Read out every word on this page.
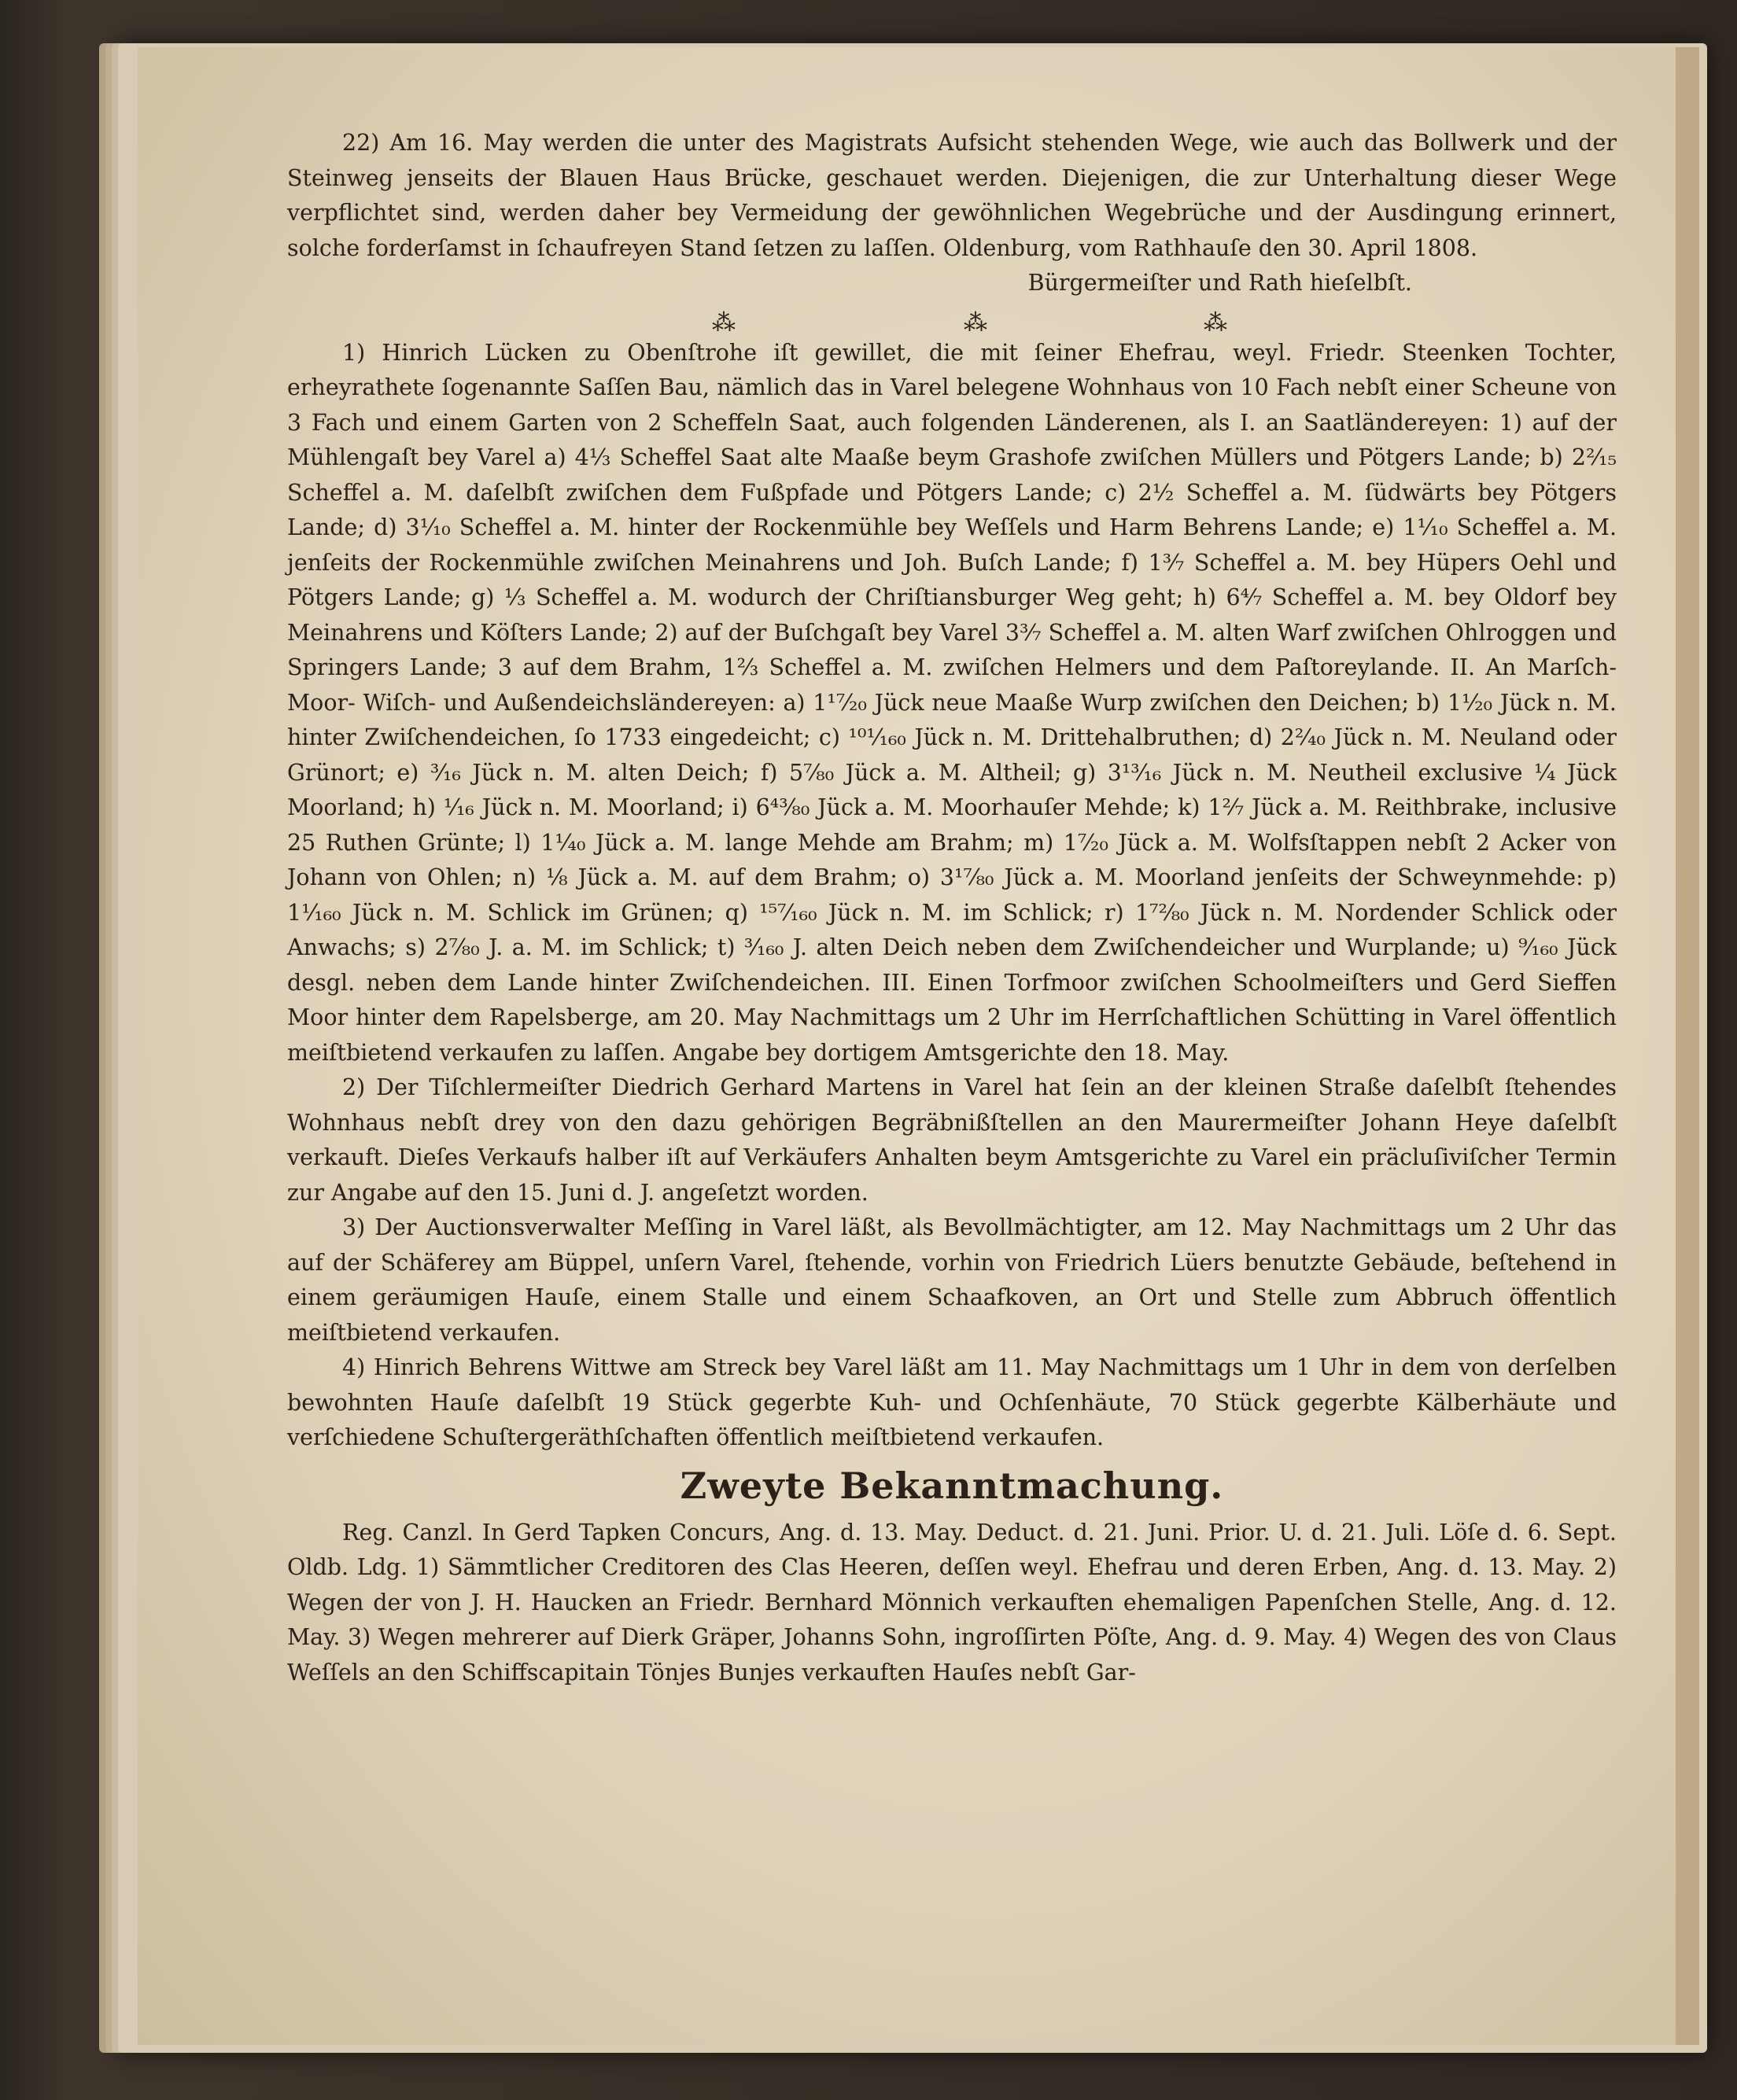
22) Am 16. May werden die unter des Magistrats Aufsicht stehenden Wege, wie auch das Bollwerk und der Steinweg jenseits der Blauen Haus Brücke, geschauet werden. Diejenigen, die zur Unterhaltung dieser Wege verpflichtet sind, werden daher bey Vermeidung der gewöhnlichen Wegebrüche und der Ausdingung erinnert, solche forderſamst in ſchaufreyen Stand ſetzen zu laſſen. Oldenburg, vom Rathhauſe den 30. April 1808.

Bürgermeiſter und Rath hieſelbſt.

⁂	⁂	⁂

1) Hinrich Lücken zu Obenſtrohe iſt gewillet, die mit ſeiner Ehefrau, weyl. Friedr. Steenken Tochter, erheyrathete ſogenannte Saſſen Bau, nämlich das in Varel belegene Wohnhaus von 10 Fach nebſt einer Scheune von 3 Fach und einem Garten von 2 Scheffeln Saat, auch folgenden Länderenen, als I. an Saatländereyen: 1) auf der Mühlengaſt bey Varel a) 4⅓ Scheffel Saat alte Maaße beym Grashofe zwiſchen Müllers und Pötgers Lande; b) 2²⁄₁₅ Scheffel a. M. daſelbſt zwiſchen dem Fußpfade und Pötgers Lande; c) 2½ Scheffel a. M. ſüdwärts bey Pötgers Lande; d) 3¹⁄₁₀ Scheffel a. M. hinter der Rockenmühle bey Weſſels und Harm Behrens Lande; e) 1¹⁄₁₀ Scheffel a. M. jenſeits der Rockenmühle zwiſchen Meinahrens und Joh. Buſch Lande; f) 1³⁄₇ Scheffel a. M. bey Hüpers Oehl und Pötgers Lande; g) ⅓ Scheffel a. M. wodurch der Chriſtiansburger Weg geht; h) 6⁴⁄₇ Scheffel a. M. bey Oldorf bey Meinahrens und Köſters Lande; 2) auf der Buſchgaſt bey Varel 3³⁄₇ Scheffel a. M. alten Warf zwiſchen Ohlroggen und Springers Lande; 3 auf dem Brahm, 1⅔ Scheffel a. M. zwiſchen Helmers und dem Paſtoreylande. II. An Marſch- Moor- Wiſch- und Außendeichsländereyen: a) 1¹⁷⁄₂₀ Jück neue Maaße Wurp zwiſchen den Deichen; b) 1¹⁄₂₀ Jück n. M. hinter Zwiſchendeichen, ſo 1733 eingedeicht; c) ¹⁰¹⁄₁₆₀ Jück n. M. Drittehalbruthen; d) 2²⁄₄₀ Jück n. M. Neuland oder Grünort; e) ³⁄₁₆ Jück n. M. alten Deich; f) 5⁷⁄₈₀ Jück a. M. Altheil; g) 3¹³⁄₁₆ Jück n. M. Neutheil exclusive ¼ Jück Moorland; h) ¹⁄₁₆ Jück n. M. Moorland; i) 6⁴³⁄₈₀ Jück a. M. Moorhauſer Mehde; k) 1²⁄₇ Jück a. M. Reithbrake, inclusive 25 Ruthen Grünte; l) 1¹⁄₄₀ Jück a. M. lange Mehde am Brahm; m) 1⁷⁄₂₀ Jück a. M. Wolfsſtappen nebſt 2 Acker von Johann von Ohlen; n) ⅛ Jück a. M. auf dem Brahm; o) 3¹⁷⁄₈₀ Jück a. M. Moorland jenſeits der Schweynmehde: p) 1¹⁄₁₆₀ Jück n. M. Schlick im Grünen; q) ¹⁵⁷⁄₁₆₀ Jück n. M. im Schlick; r) 1⁷²⁄₈₀ Jück n. M. Nordender Schlick oder Anwachs; s) 2⁷⁄₈₀ J. a. M. im Schlick; t) ³⁄₁₆₀ J. alten Deich neben dem Zwiſchendeicher und Wurplande; u) ⁹⁄₁₆₀ Jück desgl. neben dem Lande hinter Zwiſchendeichen. III. Einen Torfmoor zwiſchen Schoolmeiſters und Gerd Sieffen Moor hinter dem Rapelsberge, am 20. May Nachmittags um 2 Uhr im Herrſchaftlichen Schütting in Varel öffentlich meiſtbietend verkaufen zu laſſen. Angabe bey dortigem Amtsgerichte den 18. May.

2) Der Tiſchlermeiſter Diedrich Gerhard Martens in Varel hat ſein an der kleinen Straße daſelbſt ſtehendes Wohnhaus nebſt drey von den dazu gehörigen Begräbnißſtellen an den Maurermeiſter Johann Heye daſelbſt verkauft. Dieſes Verkaufs halber iſt auf Verkäufers Anhalten beym Amtsgerichte zu Varel ein präcluſiviſcher Termin zur Angabe auf den 15. Juni d. J. angeſetzt worden.

3) Der Auctionsverwalter Meſſing in Varel läßt, als Bevollmächtigter, am 12. May Nachmittags um 2 Uhr das auf der Schäferey am Büppel, unſern Varel, ſtehende, vorhin von Friedrich Lüers benutzte Gebäude, beſtehend in einem geräumigen Hauſe, einem Stalle und einem Schaafkoven, an Ort und Stelle zum Abbruch öffentlich meiſtbietend verkaufen.

4) Hinrich Behrens Wittwe am Streck bey Varel läßt am 11. May Nachmittags um 1 Uhr in dem von derſelben bewohnten Hauſe daſelbſt 19 Stück gegerbte Kuh- und Ochſenhäute, 70 Stück gegerbte Kälberhäute und verſchiedene Schuſtergeräthſchaften öffentlich meiſtbietend verkaufen.

Zweyte Bekanntmachung.

Reg. Canzl. In Gerd Tapken Concurs, Ang. d. 13. May. Deduct. d. 21. Juni. Prior. U. d. 21. Juli. Löſe d. 6. Sept. Oldb. Ldg. 1) Sämmtlicher Creditoren des Clas Heeren, deſſen weyl. Ehefrau und deren Erben, Ang. d. 13. May. 2) Wegen der von J. H. Haucken an Friedr. Bernhard Mönnich verkauften ehemaligen Papenſchen Stelle, Ang. d. 12. May. 3) Wegen mehrerer auf Dierk Gräper, Johanns Sohn, ingroſſirten Pöſte, Ang. d. 9. May. 4) Wegen des von Claus Weſſels an den Schiffscapitain Tönjes Bunjes verkauften Hauſes nebſt Gar-
